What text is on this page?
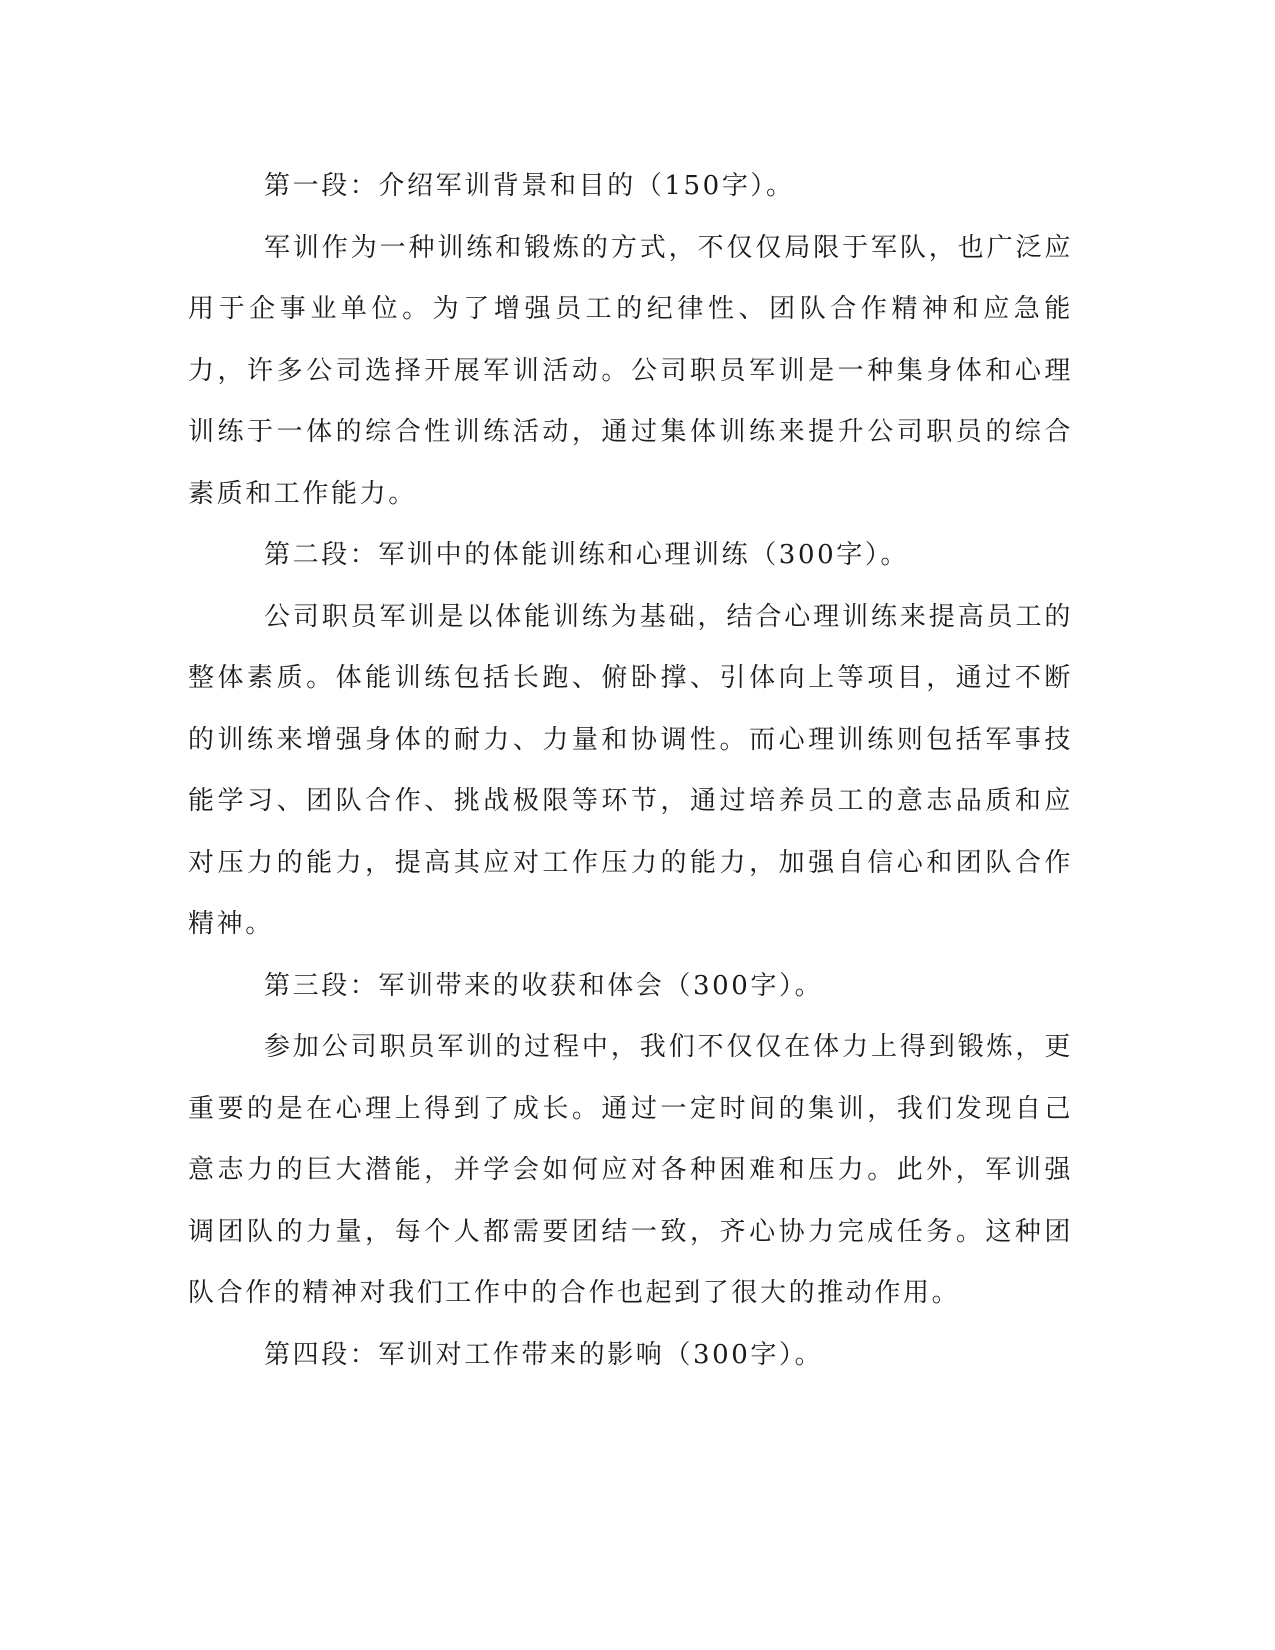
第一段：介绍军训背景和目的（150字）。

军训作为一种训练和锻炼的方式，不仅仅局限于军队，也广泛应用于企事业单位。为了增强员工的纪律性、团队合作精神和应急能力，许多公司选择开展军训活动。公司职员军训是一种集身体和心理训练于一体的综合性训练活动，通过集体训练来提升公司职员的综合素质和工作能力。

第二段：军训中的体能训练和心理训练（300字）。

公司职员军训是以体能训练为基础，结合心理训练来提高员工的整体素质。体能训练包括长跑、俯卧撑、引体向上等项目，通过不断的训练来增强身体的耐力、力量和协调性。而心理训练则包括军事技能学习、团队合作、挑战极限等环节，通过培养员工的意志品质和应对压力的能力，提高其应对工作压力的能力，加强自信心和团队合作精神。

第三段：军训带来的收获和体会（300字）。

参加公司职员军训的过程中，我们不仅仅在体力上得到锻炼，更重要的是在心理上得到了成长。通过一定时间的集训，我们发现自己意志力的巨大潜能，并学会如何应对各种困难和压力。此外，军训强调团队的力量，每个人都需要团结一致，齐心协力完成任务。这种团队合作的精神对我们工作中的合作也起到了很大的推动作用。

第四段：军训对工作带来的影响（300字）。
